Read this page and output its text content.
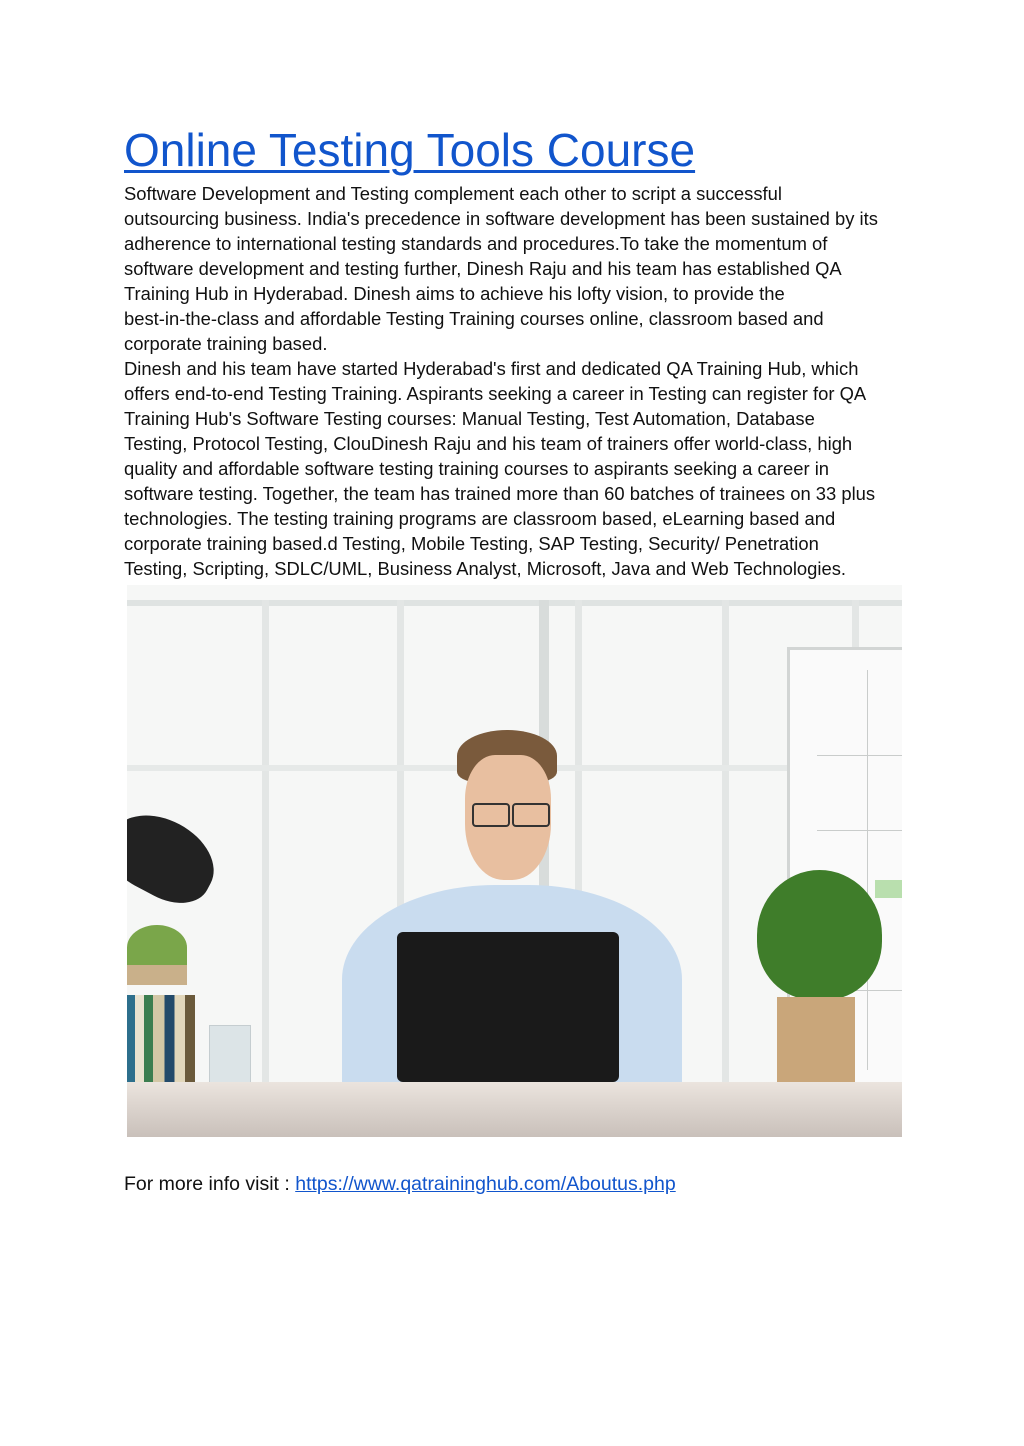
Online Testing Tools Course
Software Development and Testing complement each other to script a successful
outsourcing business. India's precedence in software development has been sustained by its
adherence to international testing standards and procedures.To take the momentum of
software development and testing further, Dinesh Raju and his team has established QA
Training Hub in Hyderabad. Dinesh aims to achieve his lofty vision, to provide the
best-in-the-class and affordable Testing Training courses online, classroom based and
corporate training based.
Dinesh and his team have started Hyderabad's first and dedicated QA Training Hub, which
offers end-to-end Testing Training. Aspirants seeking a career in Testing can register for QA
Training Hub's Software Testing courses: Manual Testing, Test Automation, Database
Testing, Protocol Testing, ClouDinesh Raju and his team of trainers offer world-class, high
quality and affordable software testing training courses to aspirants seeking a career in
software testing. Together, the team has trained more than 60 batches of trainees on 33 plus
technologies. The testing training programs are classroom based, eLearning based and
corporate training based.d Testing, Mobile Testing, SAP Testing, Security/ Penetration
Testing, Scripting, SDLC/UML, Business Analyst, Microsoft, Java and Web Technologies.
For more info visit : https://www.qatraininghub.com/Aboutus.php
